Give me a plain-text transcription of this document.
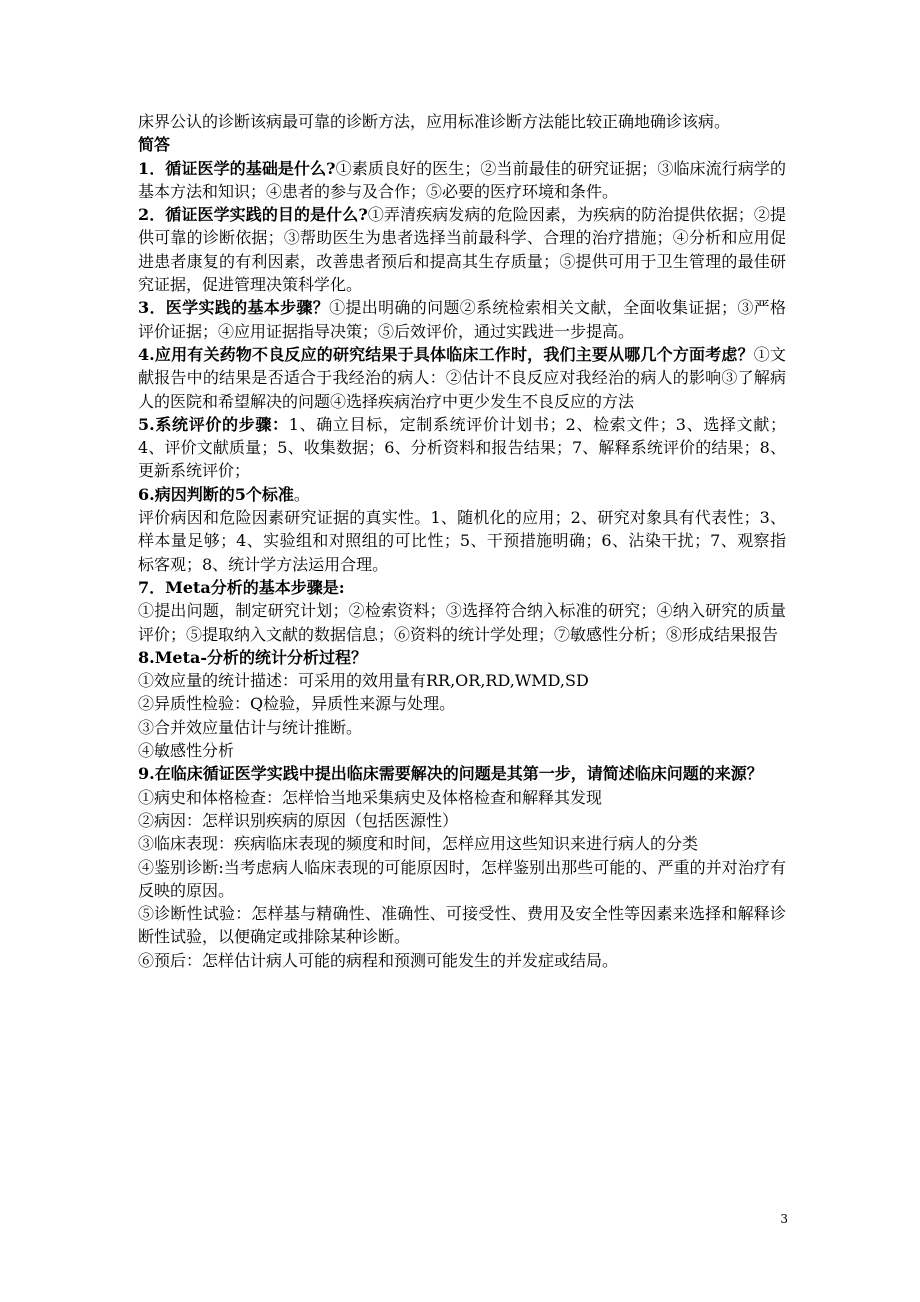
床界公认的诊断该病最可靠的诊断方法，应用标准诊断方法能比较正确地确诊该病。

简答

1．循证医学的基础是什么?①素质良好的医生；②当前最佳的研究证据；③临床流行病学的基本方法和知识；④患者的参与及合作；⑤必要的医疗环境和条件。

2．循证医学实践的目的是什么?①弄清疾病发病的危险因素，为疾病的防治提供依据；②提供可靠的诊断依据；③帮助医生为患者选择当前最科学、合理的治疗措施；④分析和应用促进患者康复的有利因素，改善患者预后和提高其生存质量；⑤提供可用于卫生管理的最佳研究证据，促进管理决策科学化。

3．医学实践的基本步骤？①提出明确的问题②系统检索相关文献，全面收集证据；③严格评价证据；④应用证据指导决策；⑤后效评价，通过实践进一步提高。

4.应用有关药物不良反应的研究结果于具体临床工作时，我们主要从哪几个方面考虑？①文献报告中的结果是否适合于我经治的病人：②估计不良反应对我经治的病人的影响③了解病人的医院和希望解决的问题④选择疾病治疗中更少发生不良反应的方法

5.系统评价的步骤：1、确立目标，定制系统评价计划书；2、检索文件；3、选择文献；4、评价文献质量；5、收集数据；6、分析资料和报告结果；7、解释系统评价的结果；8、更新系统评价；

6.病因判断的5个标准。

评价病因和危险因素研究证据的真实性。1、随机化的应用；2、研究对象具有代表性；3、样本量足够；4、实验组和对照组的可比性；5、干预措施明确；6、沾染干扰；7、观察指标客观；8、统计学方法运用合理。

7．Meta分析的基本步骤是:

①提出问题，制定研究计划；②检索资料；③选择符合纳入标准的研究；④纳入研究的质量评价；⑤提取纳入文献的数据信息；⑥资料的统计学处理；⑦敏感性分析；⑧形成结果报告

8.Meta-分析的统计分析过程？

①效应量的统计描述：可采用的效用量有RR,OR,RD,WMD,SD

②异质性检验：Q检验，异质性来源与处理。

③合并效应量估计与统计推断。

④敏感性分析

9.在临床循证医学实践中提出临床需要解决的问题是其第一步，请简述临床问题的来源？

①病史和体格检查：怎样恰当地采集病史及体格检查和解释其发现

②病因：怎样识别疾病的原因（包括医源性）

③临床表现：疾病临床表现的频度和时间，怎样应用这些知识来进行病人的分类

④鉴别诊断:当考虑病人临床表现的可能原因时，怎样鉴别出那些可能的、严重的并对治疗有反映的原因。

⑤诊断性试验：怎样基与精确性、准确性、可接受性、费用及安全性等因素来选择和解释诊断性试验，以便确定或排除某种诊断。

⑥预后：怎样估计病人可能的病程和预测可能发生的并发症或结局。

3
